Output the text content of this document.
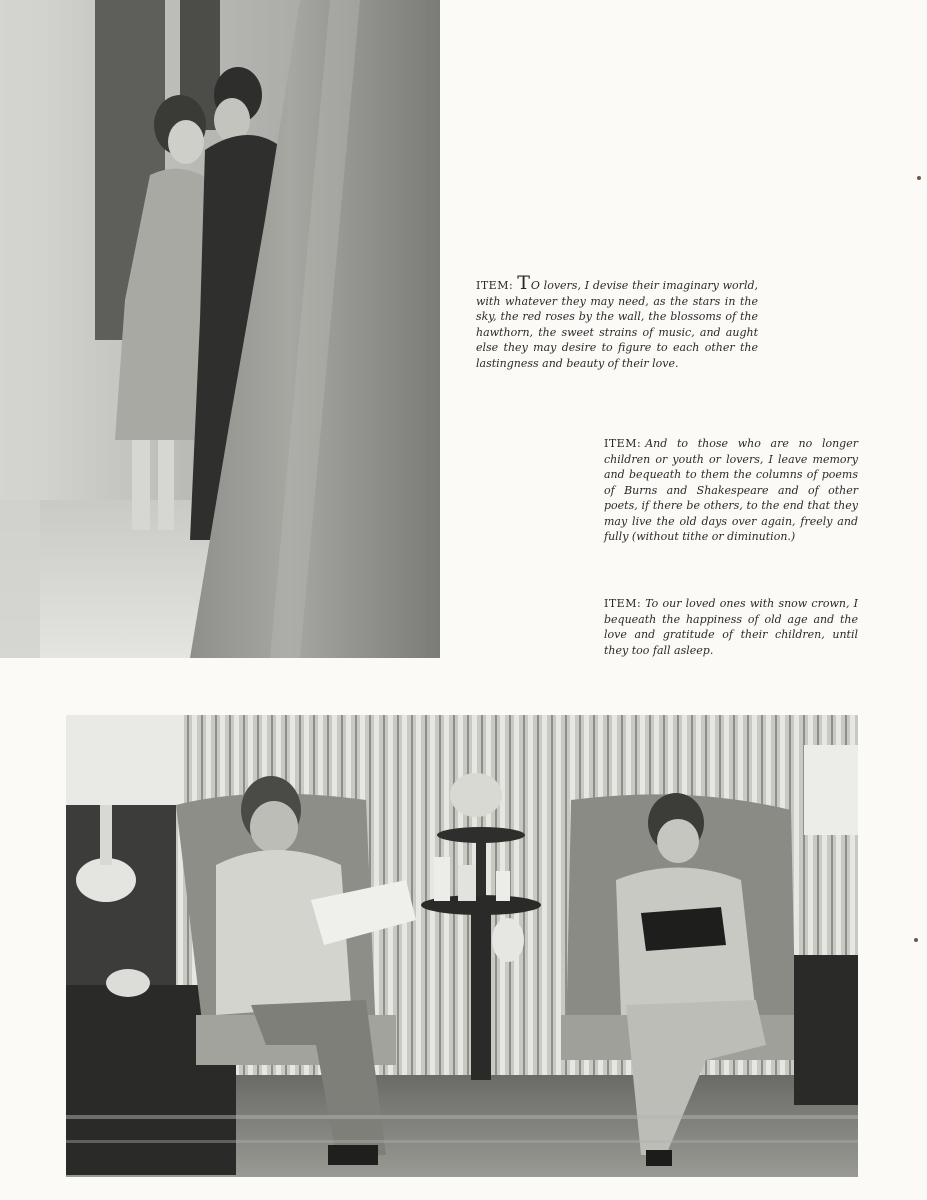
ITEM: TO lovers, I devise their imaginary world, with whatever they may need, as the stars in the sky, the red roses by the wall, the blossoms of the hawthorn, the sweet strains of music, and aught else they may desire to figure to each other the lastingness and beauty of their love.
ITEM: And to those who are no longer children or youth or lovers, I leave memory and bequeath to them the columns of poems of Burns and Shakespeare and of other poets, if there be others, to the end that they may live the old days over again, freely and fully (without tithe or diminution.)
ITEM: To our loved ones with snow crown, I bequeath the happiness of old age and the love and gratitude of their children, until they too fall asleep.
